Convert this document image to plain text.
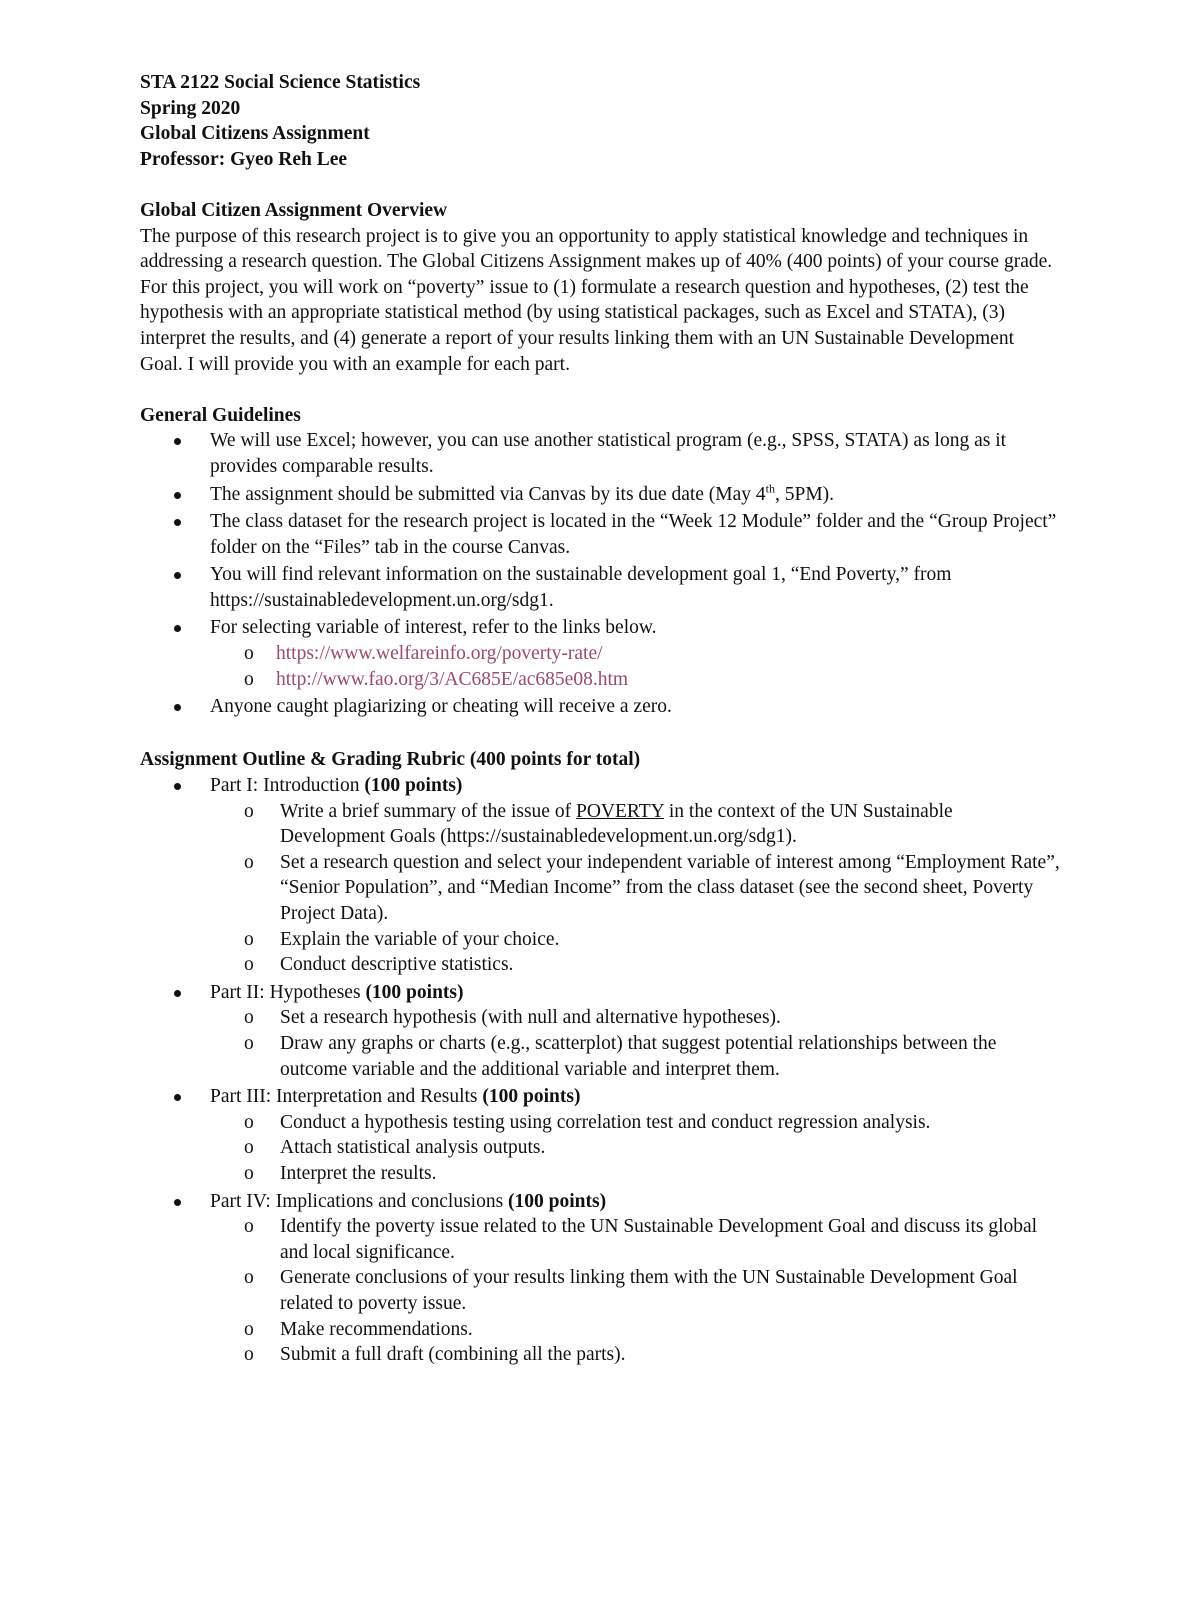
STA 2122 Social Science Statistics
Spring 2020
Global Citizens Assignment
Professor: Gyeo Reh Lee
Global Citizen Assignment Overview

The purpose of this research project is to give you an opportunity to apply statistical knowledge and techniques in addressing a research question. The Global Citizens Assignment makes up of 40% (400 points) of your course grade. For this project, you will work on “poverty” issue to (1) formulate a research question and hypotheses, (2) test the hypothesis with an appropriate statistical method (by using statistical packages, such as Excel and STATA), (3) interpret the results, and (4) generate a report of your results linking them with an UN Sustainable Development Goal. I will provide you with an example for each part.

General Guidelines
We will use Excel; however, you can use another statistical program (e.g., SPSS, STATA) as long as it provides comparable results.
The assignment should be submitted via Canvas by its due date (May 4th, 5PM).
The class dataset for the research project is located in the “Week 12 Module” folder and the “Group Project” folder on the “Files” tab in the course Canvas.
You will find relevant information on the sustainable development goal 1, “End Poverty,” from https://sustainabledevelopment.un.org/sdg1.
For selecting variable of interest, refer to the links below.
o https://www.welfareinfo.org/poverty-rate/
o http://www.fao.org/3/AC685E/ac685e08.htm
Anyone caught plagiarizing or cheating will receive a zero.
Assignment Outline & Grading Rubric (400 points for total)
Part I: Introduction (100 points)
o Write a brief summary of the issue of POVERTY in the context of the UN Sustainable Development Goals (https://sustainabledevelopment.un.org/sdg1).
o Set a research question and select your independent variable of interest among “Employment Rate”, “Senior Population”, and “Median Income” from the class dataset (see the second sheet, Poverty Project Data).
o Explain the variable of your choice.
o Conduct descriptive statistics.
Part II: Hypotheses (100 points)
o Set a research hypothesis (with null and alternative hypotheses).
o Draw any graphs or charts (e.g., scatterplot) that suggest potential relationships between the outcome variable and the additional variable and interpret them.
Part III: Interpretation and Results (100 points)
o Conduct a hypothesis testing using correlation test and conduct regression analysis.
o Attach statistical analysis outputs.
o Interpret the results.
Part IV: Implications and conclusions (100 points)
o Identify the poverty issue related to the UN Sustainable Development Goal and discuss its global and local significance.
o Generate conclusions of your results linking them with the UN Sustainable Development Goal related to poverty issue.
o Make recommendations.
o Submit a full draft (combining all the parts).
